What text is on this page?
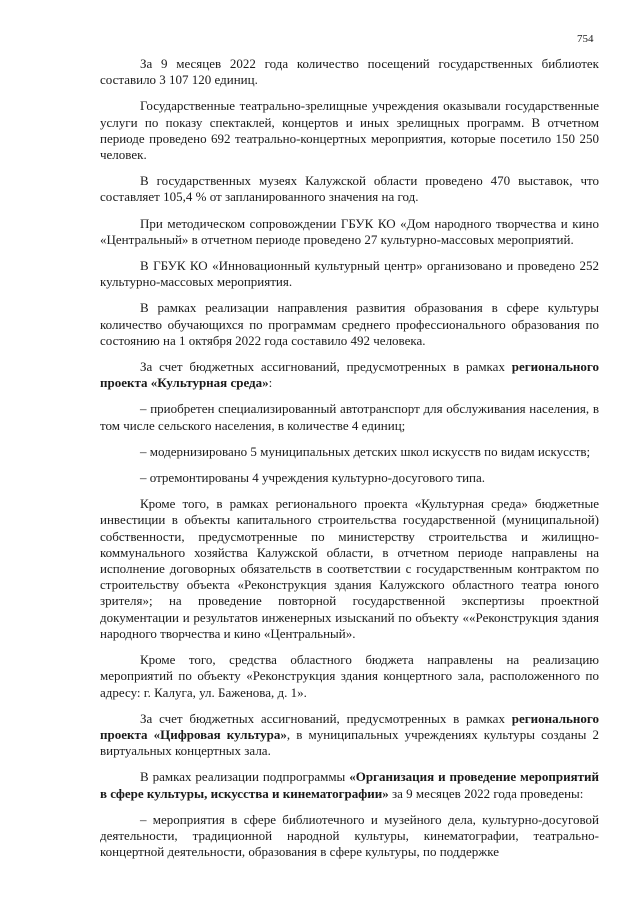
754

За 9 месяцев 2022 года количество посещений государственных библиотек составило 3 107 120 единиц.

Государственные театрально-зрелищные учреждения оказывали государственные услуги по показу спектаклей, концертов и иных зрелищных программ. В отчетном периоде проведено 692 театрально-концертных мероприятия, которые посетило 150 250 человек.

В государственных музеях Калужской области проведено 470 выставок, что составляет 105,4 % от запланированного значения на год.

При методическом сопровождении ГБУК КО «Дом народного творчества и кино «Центральный» в отчетном периоде проведено 27 культурно-массовых мероприятий.

В ГБУК КО «Инновационный культурный центр» организовано и проведено 252 культурно-массовых мероприятия.

В рамках реализации направления развития образования в сфере культуры количество обучающихся по программам среднего профессионального образования по состоянию на 1 октября 2022 года составило 492 человека.

За счет бюджетных ассигнований, предусмотренных в рамках регионального проекта «Культурная среда»:

– приобретен специализированный автотранспорт для обслуживания населения, в том числе сельского населения, в количестве 4 единиц;

– модернизировано 5 муниципальных детских школ искусств по видам искусств;

– отремонтированы 4 учреждения культурно-досугового типа.

Кроме того, в рамках регионального проекта «Культурная среда» бюджетные инвестиции в объекты капитального строительства государственной (муниципальной) собственности, предусмотренные по министерству строительства и жилищно-коммунального хозяйства Калужской области, в отчетном периоде направлены на исполнение договорных обязательств в соответствии с государственным контрактом по строительству объекта «Реконструкция здания Калужского областного театра юного зрителя»; на проведение повторной государственной экспертизы проектной документации и результатов инженерных изысканий по объекту ««Реконструкция здания народного творчества и кино «Центральный».

Кроме того, средства областного бюджета направлены на реализацию мероприятий по объекту «Реконструкция здания концертного зала, расположенного по адресу: г. Калуга, ул. Баженова, д. 1».

За счет бюджетных ассигнований, предусмотренных в рамках регионального проекта «Цифровая культура», в муниципальных учреждениях культуры созданы 2 виртуальных концертных зала.

В рамках реализации подпрограммы «Организация и проведение мероприятий в сфере культуры, искусства и кинематографии» за 9 месяцев 2022 года проведены:

– мероприятия в сфере библиотечного и музейного дела, культурно-досуговой деятельности, традиционной народной культуры, кинематографии, театрально-концертной деятельности, образования в сфере культуры, по поддержке
